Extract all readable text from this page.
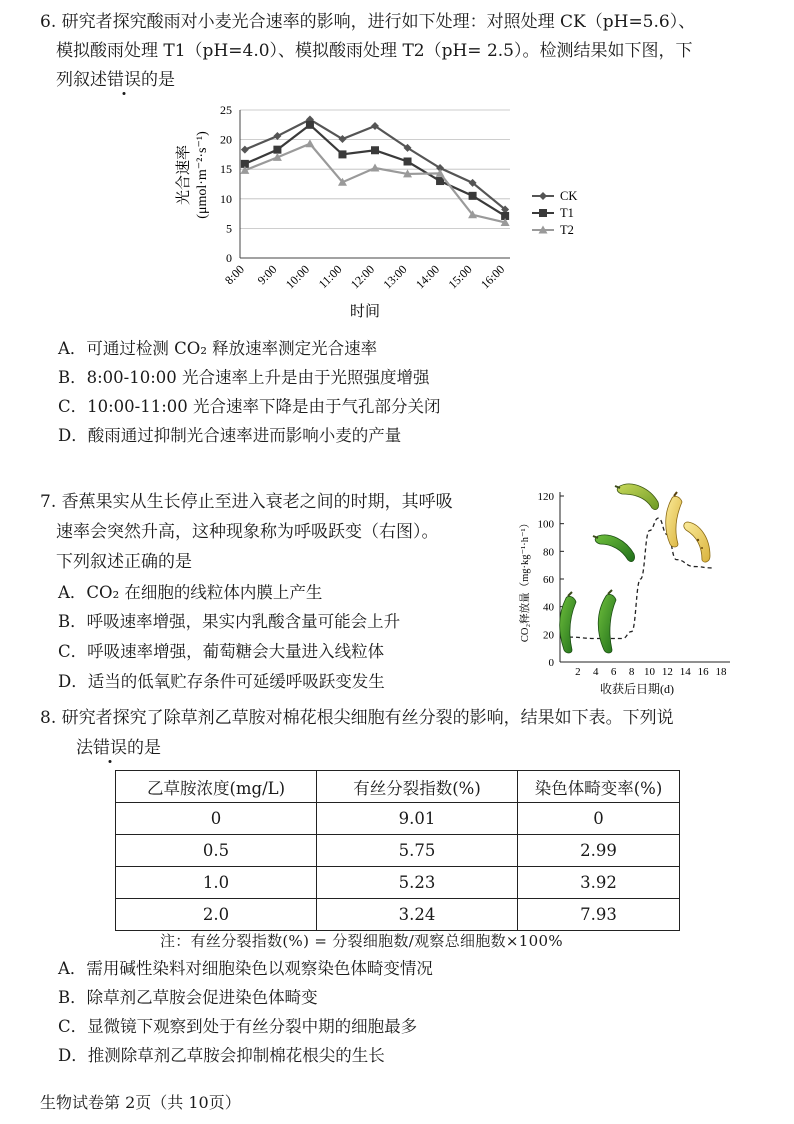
6. 研究者探究酸雨对小麦光合速率的影响，进行如下处理：对照处理 CK（pH=5.6）、
模拟酸雨处理 T1（pH=4.0）、模拟酸雨处理 T2（pH= 2.5）。检测结果如下图，下
列叙述错误的是
0
5
10
15
20
25
8:00 9:00 10:00 11:00 12:00 13:00 14:00 15:00 16:00
光合速率 (μmol·m⁻²·s⁻¹)
时间
CK
T1
T2
A．可通过检测 CO₂ 释放速率测定光合速率
B．8:00-10:00 光合速率上升是由于光照强度增强
C．10:00-11:00 光合速率下降是由于气孔部分关闭
D．酸雨通过抑制光合速率进而影响小麦的产量
7. 香蕉果实从生长停止至进入衰老之间的时期，其呼吸
速率会突然升高，这种现象称为呼吸跃变（右图）。
下列叙述正确的是
A．CO₂ 在细胞的线粒体内膜上产生
B．呼吸速率增强，果实内乳酸含量可能会上升
C．呼吸速率增强，葡萄糖会大量进入线粒体
D．适当的低氧贮存条件可延缓呼吸跃变发生
0
20
40
60
80
100
120
2 4 6 8 10 12 14 16 18
CO₂释放量（mg·kg⁻¹·h⁻¹）
收获后日期(d)
8. 研究者探究了除草剂乙草胺对棉花根尖细胞有丝分裂的影响，结果如下表。下列说
法错误的是
乙草胺浓度(mg/L)	有丝分裂指数(%)	染色体畸变率(%)
0	9.01	0
0.5	5.75	2.99
1.0	5.23	3.92
2.0	3.24	7.93
注：有丝分裂指数(%) = 分裂细胞数/观察总细胞数×100%
A．需用碱性染料对细胞染色以观察染色体畸变情况
B．除草剂乙草胺会促进染色体畸变
C．显微镜下观察到处于有丝分裂中期的细胞最多
D．推测除草剂乙草胺会抑制棉花根尖的生长
生物试卷第 2页（共 10页）
